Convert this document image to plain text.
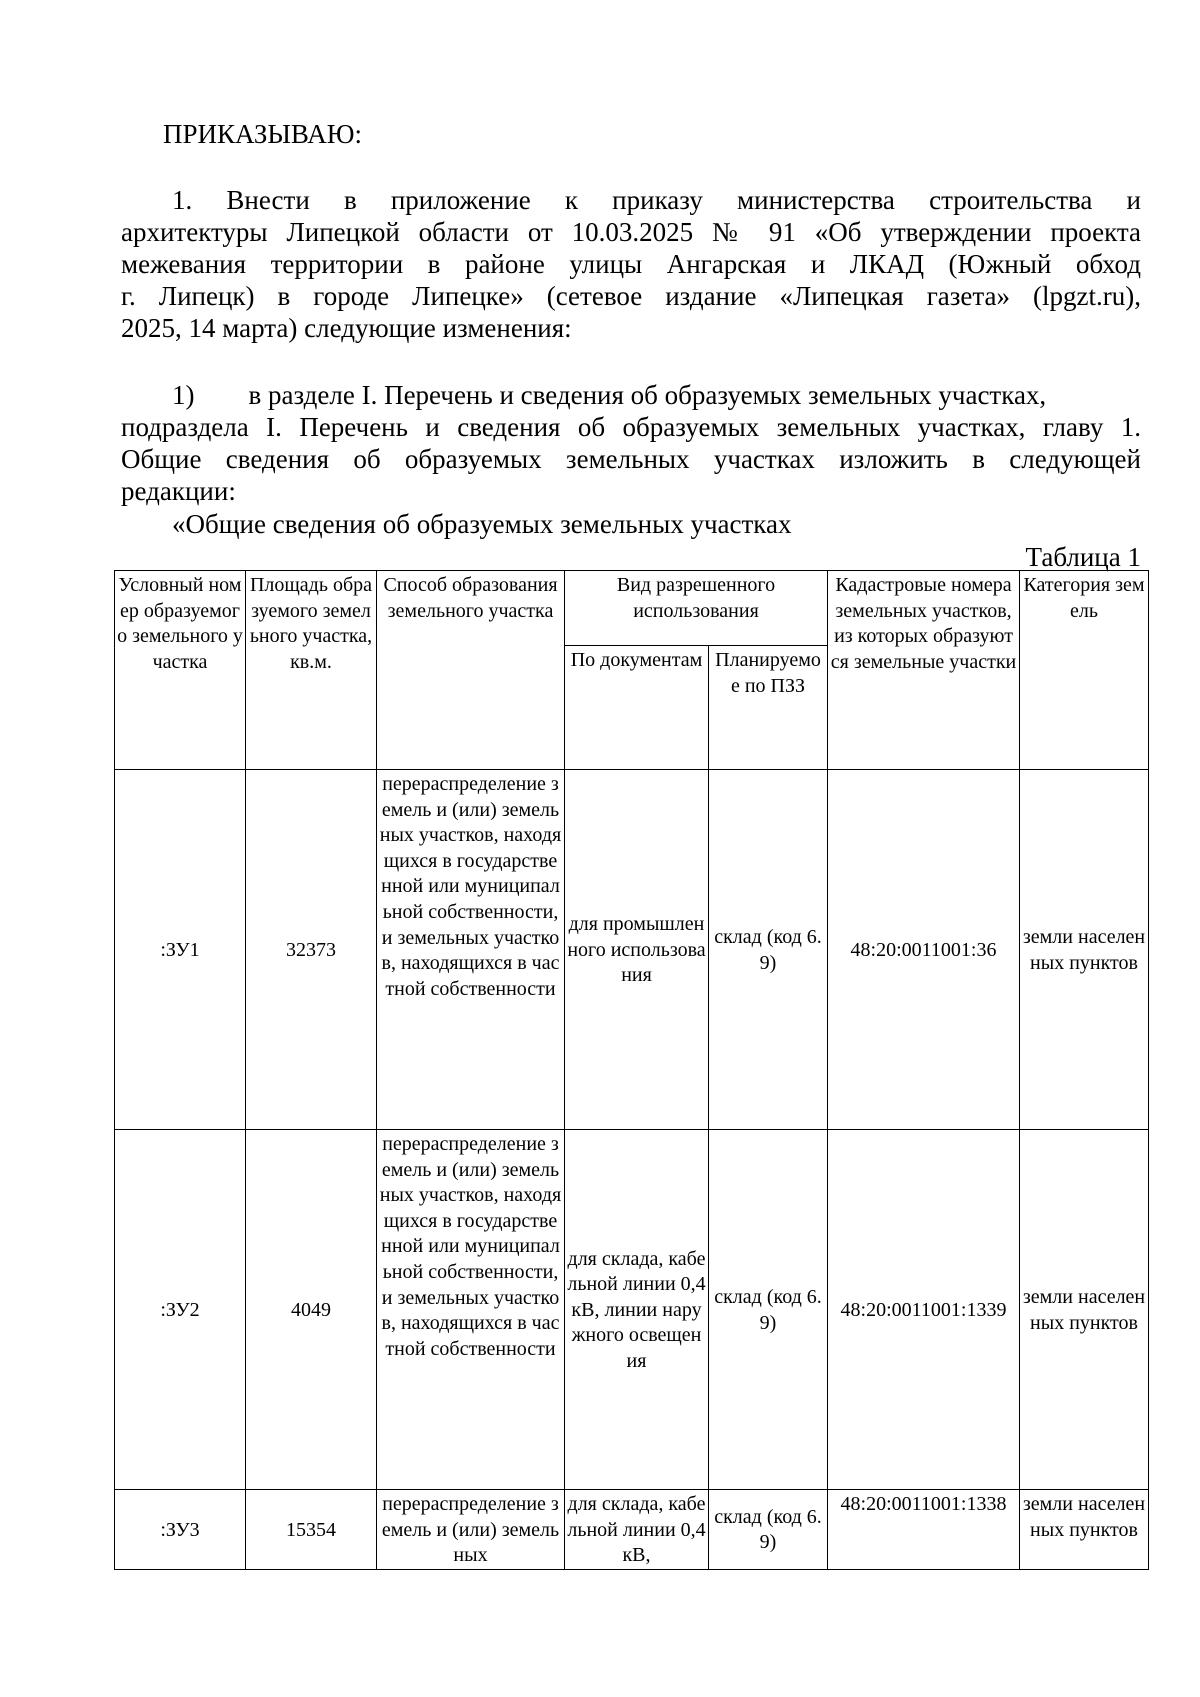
ПРИКАЗЫВАЮ:
1. Внести в приложение к приказу министерства строительства и
архитектуры Липецкой области от 10.03.2025 № 91 «Об утверждении проекта
межевания территории в районе улицы Ангарская и ЛКАД (Южный обход
г. Липецк) в городе Липецке» (сетевое издание «Липецкая газета» (lpgzt.ru),
2025, 14 марта) следующие изменения:
1)        в разделе I. Перечень и сведения об образуемых земельных участках,
подраздела I. Перечень и сведения об образуемых земельных участках, главу 1.
Общие сведения об образуемых земельных участках изложить в следующей
редакции:
«Общие сведения об образуемых земельных участках
Таблица 1
Условный номер образуемого земельного участка	Площадь образуемого земельного участка, кв.м.	Способ образования земельного участка	Вид разрешенного использования		Кадастровые номера земельных участков, из которых образуются земельные участки	Категория земель
			По документам	Планируемое по ПЗЗ		
:ЗУ1	32373	перераспределение земель и (или) земельных участков, находящихся в государственной или муниципальной собственности, и земельных участков, находящихся в частной собственности	для промышленного использования	склад (код 6.9)	48:20:0011001:36	земли населенных пунктов
:ЗУ2	4049	перераспределение земель и (или) земельных участков, находящихся в государственной или муниципальной собственности, и земельных участков, находящихся в частной собственности	для склада, кабельной линии 0,4 кВ, линии наружного освещения	склад (код 6.9)	48:20:0011001:1339	земли населенных пунктов
:ЗУ3	15354	перераспределение земель и (или) земельных	для склада, кабельной линии 0,4 кВ,	склад (код 6.9)	48:20:0011001:1338	земли населенных пунктов
